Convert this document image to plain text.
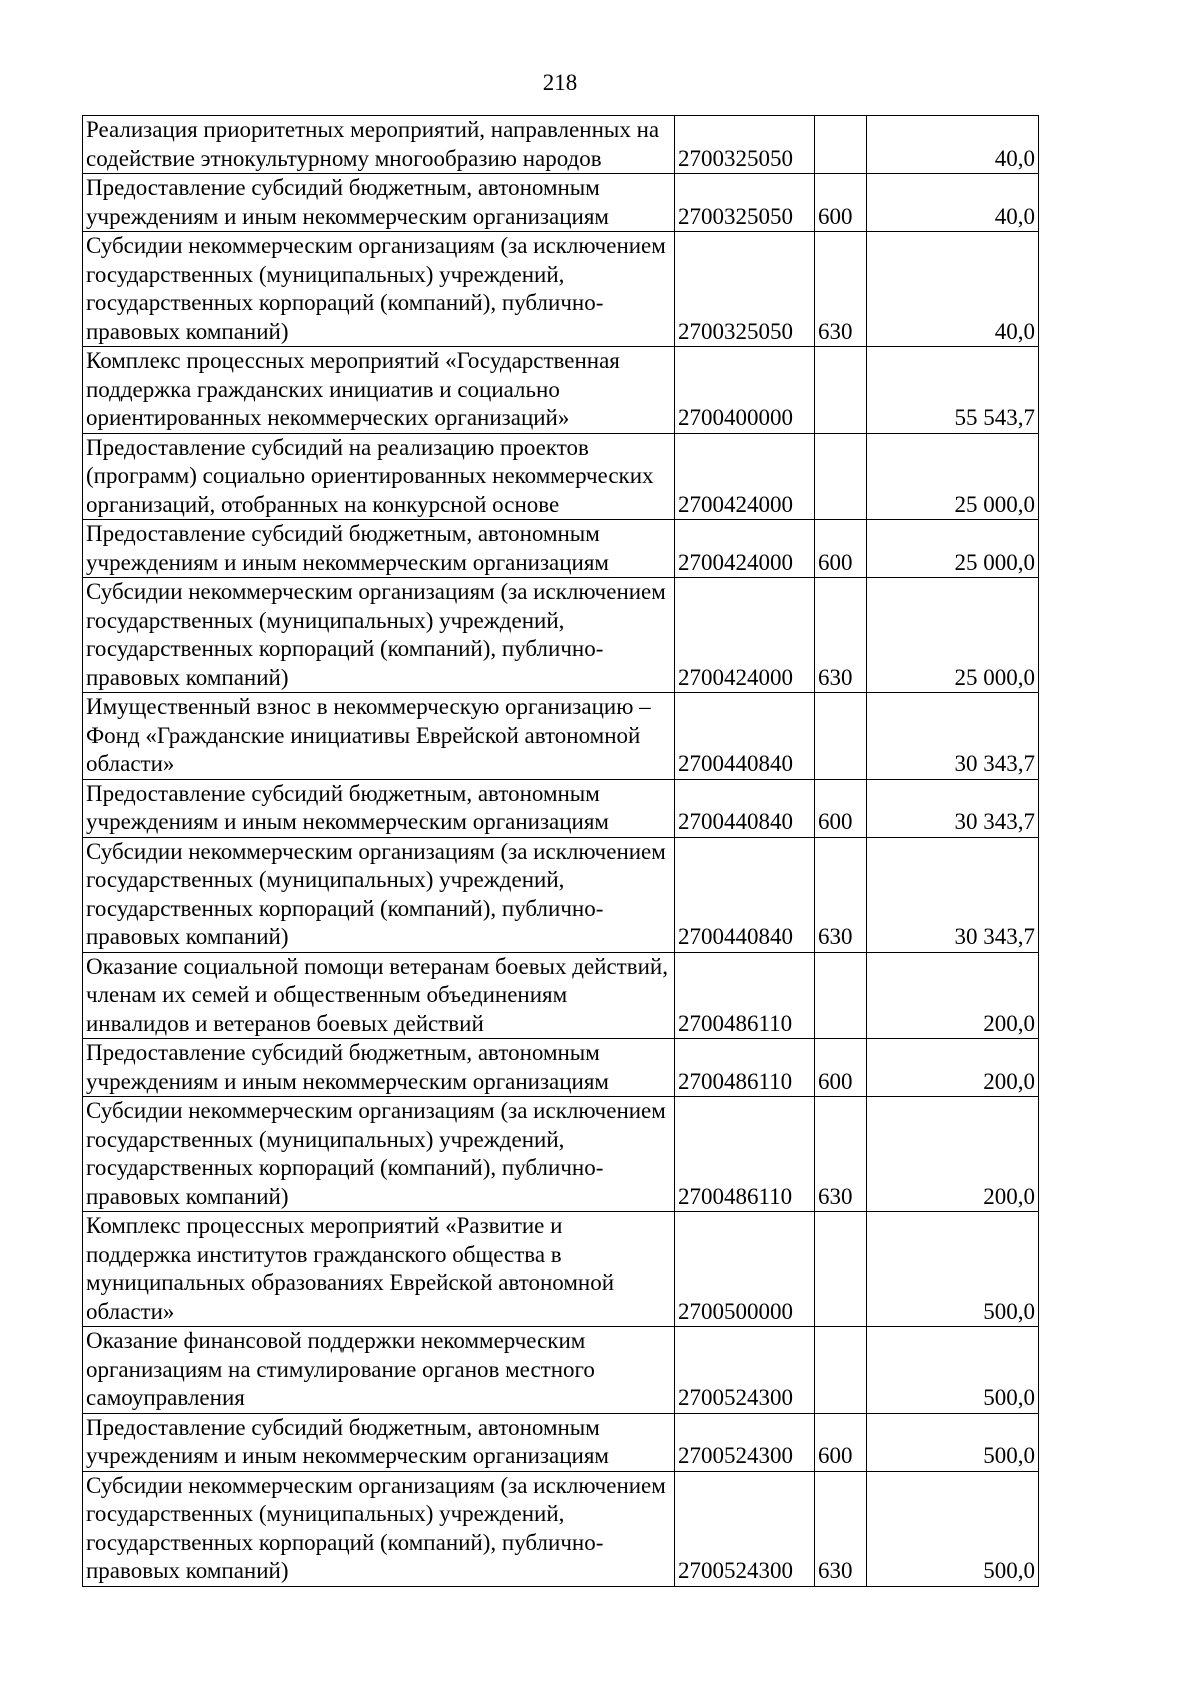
218
Реализация приоритетных мероприятий, направленных на содействие этнокультурному многообразию народов	2700325050		40,0
Предоставление субсидий бюджетным, автономным учреждениям и иным некоммерческим организациям	2700325050	600	40,0
Субсидии некоммерческим организациям (за исключением государственных (муниципальных) учреждений, государственных корпораций (компаний), публично-правовых компаний)	2700325050	630	40,0
Комплекс процессных мероприятий «Государственная поддержка гражданских инициатив и социально ориентированных некоммерческих организаций»	2700400000		55 543,7
Предоставление субсидий на реализацию проектов (программ) социально ориентированных некоммерческих организаций, отобранных на конкурсной основе	2700424000		25 000,0
Предоставление субсидий бюджетным, автономным учреждениям и иным некоммерческим организациям	2700424000	600	25 000,0
Субсидии некоммерческим организациям (за исключением государственных (муниципальных) учреждений, государственных корпораций (компаний), публично-правовых компаний)	2700424000	630	25 000,0
Имущественный взнос в некоммерческую организацию – Фонд «Гражданские инициативы Еврейской автономной области»	2700440840		30 343,7
Предоставление субсидий бюджетным, автономным учреждениям и иным некоммерческим организациям	2700440840	600	30 343,7
Субсидии некоммерческим организациям (за исключением государственных (муниципальных) учреждений, государственных корпораций (компаний), публично-правовых компаний)	2700440840	630	30 343,7
Оказание социальной помощи ветеранам боевых действий, членам их семей и общественным объединениям инвалидов и ветеранов боевых действий	2700486110		200,0
Предоставление субсидий бюджетным, автономным учреждениям и иным некоммерческим организациям	2700486110	600	200,0
Субсидии некоммерческим организациям (за исключением государственных (муниципальных) учреждений, государственных корпораций (компаний), публично-правовых компаний)	2700486110	630	200,0
Комплекс процессных мероприятий «Развитие и поддержка институтов гражданского общества в муниципальных образованиях Еврейской автономной области»	2700500000		500,0
Оказание финансовой поддержки некоммерческим организациям на стимулирование органов местного самоуправления	2700524300		500,0
Предоставление субсидий бюджетным, автономным учреждениям и иным некоммерческим организациям	2700524300	600	500,0
Субсидии некоммерческим организациям (за исключением государственных (муниципальных) учреждений, государственных корпораций (компаний), публично-правовых компаний)	2700524300	630	500,0
